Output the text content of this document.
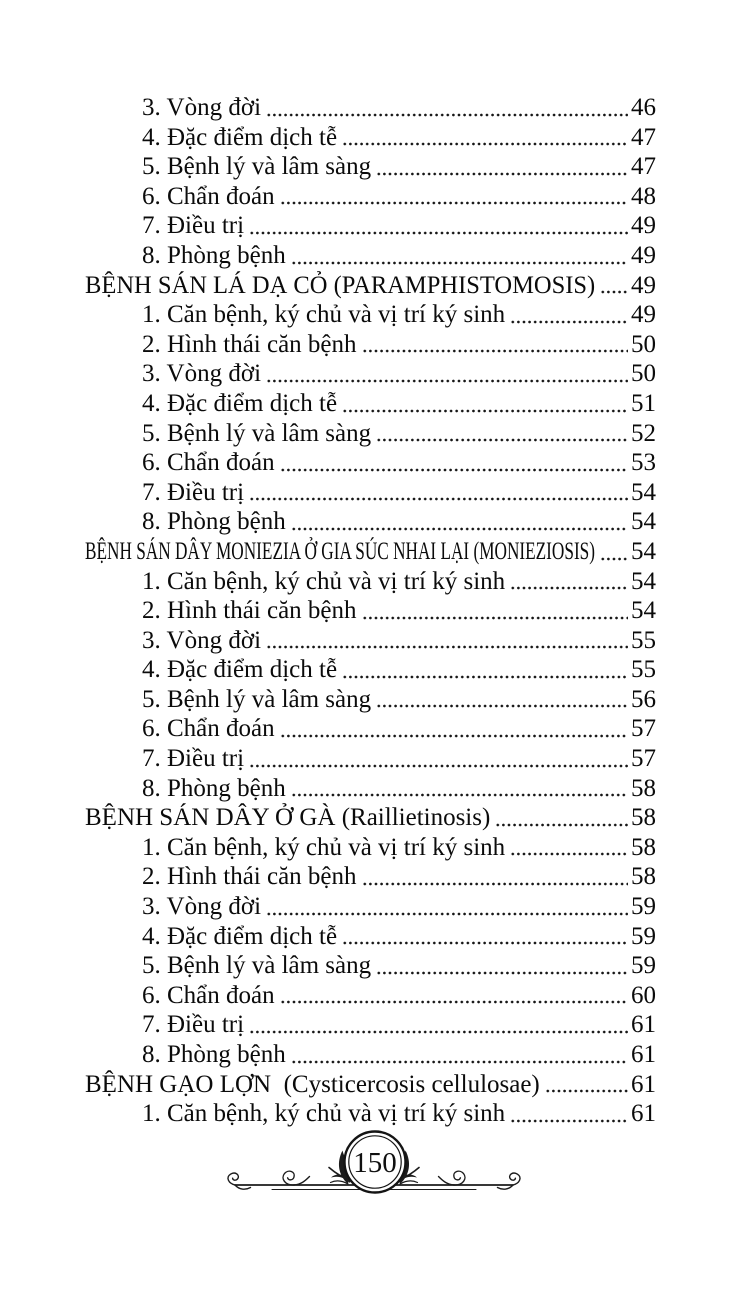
3. Vòng đời	46
4. Đặc điểm dịch tễ	47
5. Bệnh lý và lâm sàng	47
6. Chẩn đoán	48
7. Điều trị	49
8. Phòng bệnh	49
BỆNH SÁN LÁ DẠ CỎ (PARAMPHISTOMOSIS) 49
1. Căn bệnh, ký chủ và vị trí ký sinh	49
2. Hình thái căn bệnh	50
3. Vòng đời	50
4. Đặc điểm dịch tễ	51
5. Bệnh lý và lâm sàng	52
6. Chẩn đoán	53
7. Điều trị	54
8. Phòng bệnh	54
BỆNH SÁN DÂY MONIEZIA Ở GIA SÚC NHAI LẠI (MONIEZIOSIS) 54
1. Căn bệnh, ký chủ và vị trí ký sinh	54
2. Hình thái căn bệnh	54
3. Vòng đời	55
4. Đặc điểm dịch tễ	55
5. Bệnh lý và lâm sàng	56
6. Chẩn đoán	57
7. Điều trị	57
8. Phòng bệnh	58
BỆNH SÁN DÂY Ở GÀ (Raillietinosis)	58
1. Căn bệnh, ký chủ và vị trí ký sinh	58
2. Hình thái căn bệnh	58
3. Vòng đời	59
4. Đặc điểm dịch tễ	59
5. Bệnh lý và lâm sàng	59
6. Chẩn đoán	60
7. Điều trị	61
8. Phòng bệnh	61
BỆNH GẠO LỢN  (Cysticercosis cellulosae)	61
1. Căn bệnh, ký chủ và vị trí ký sinh	61
150
